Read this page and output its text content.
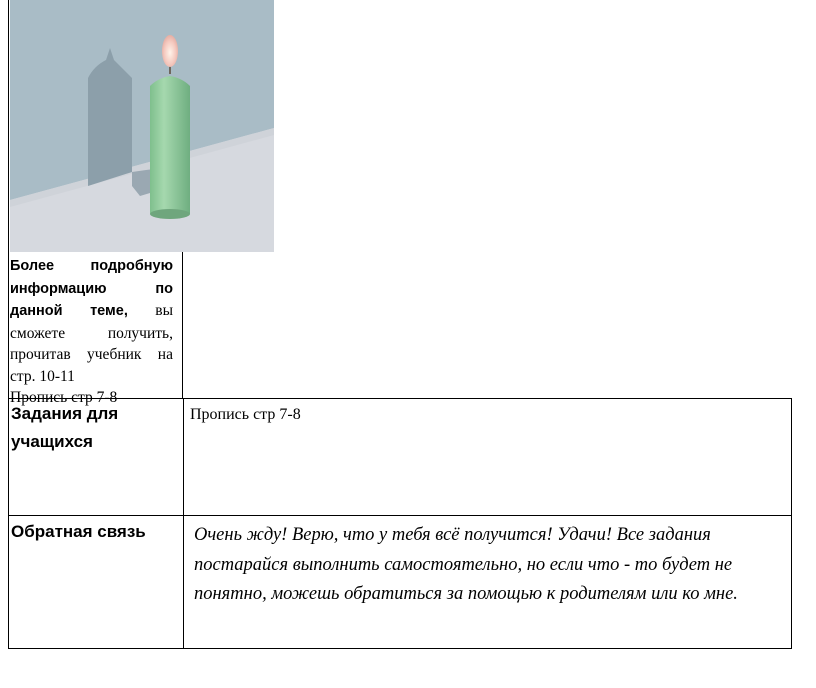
Более подробную информацию по данной теме, вы сможете получить, прочитав учебник на стр. 10-11
Пропись стр 7-8
Задания для учащихся	Пропись стр 7-8

Обратная связь	Очень жду! Верю, что у тебя всё получится! Удачи! Все задания постарайся выполнить самостоятельно, но если что - то будет не понятно, можешь обратиться за помощью к родителям или ко мне.
